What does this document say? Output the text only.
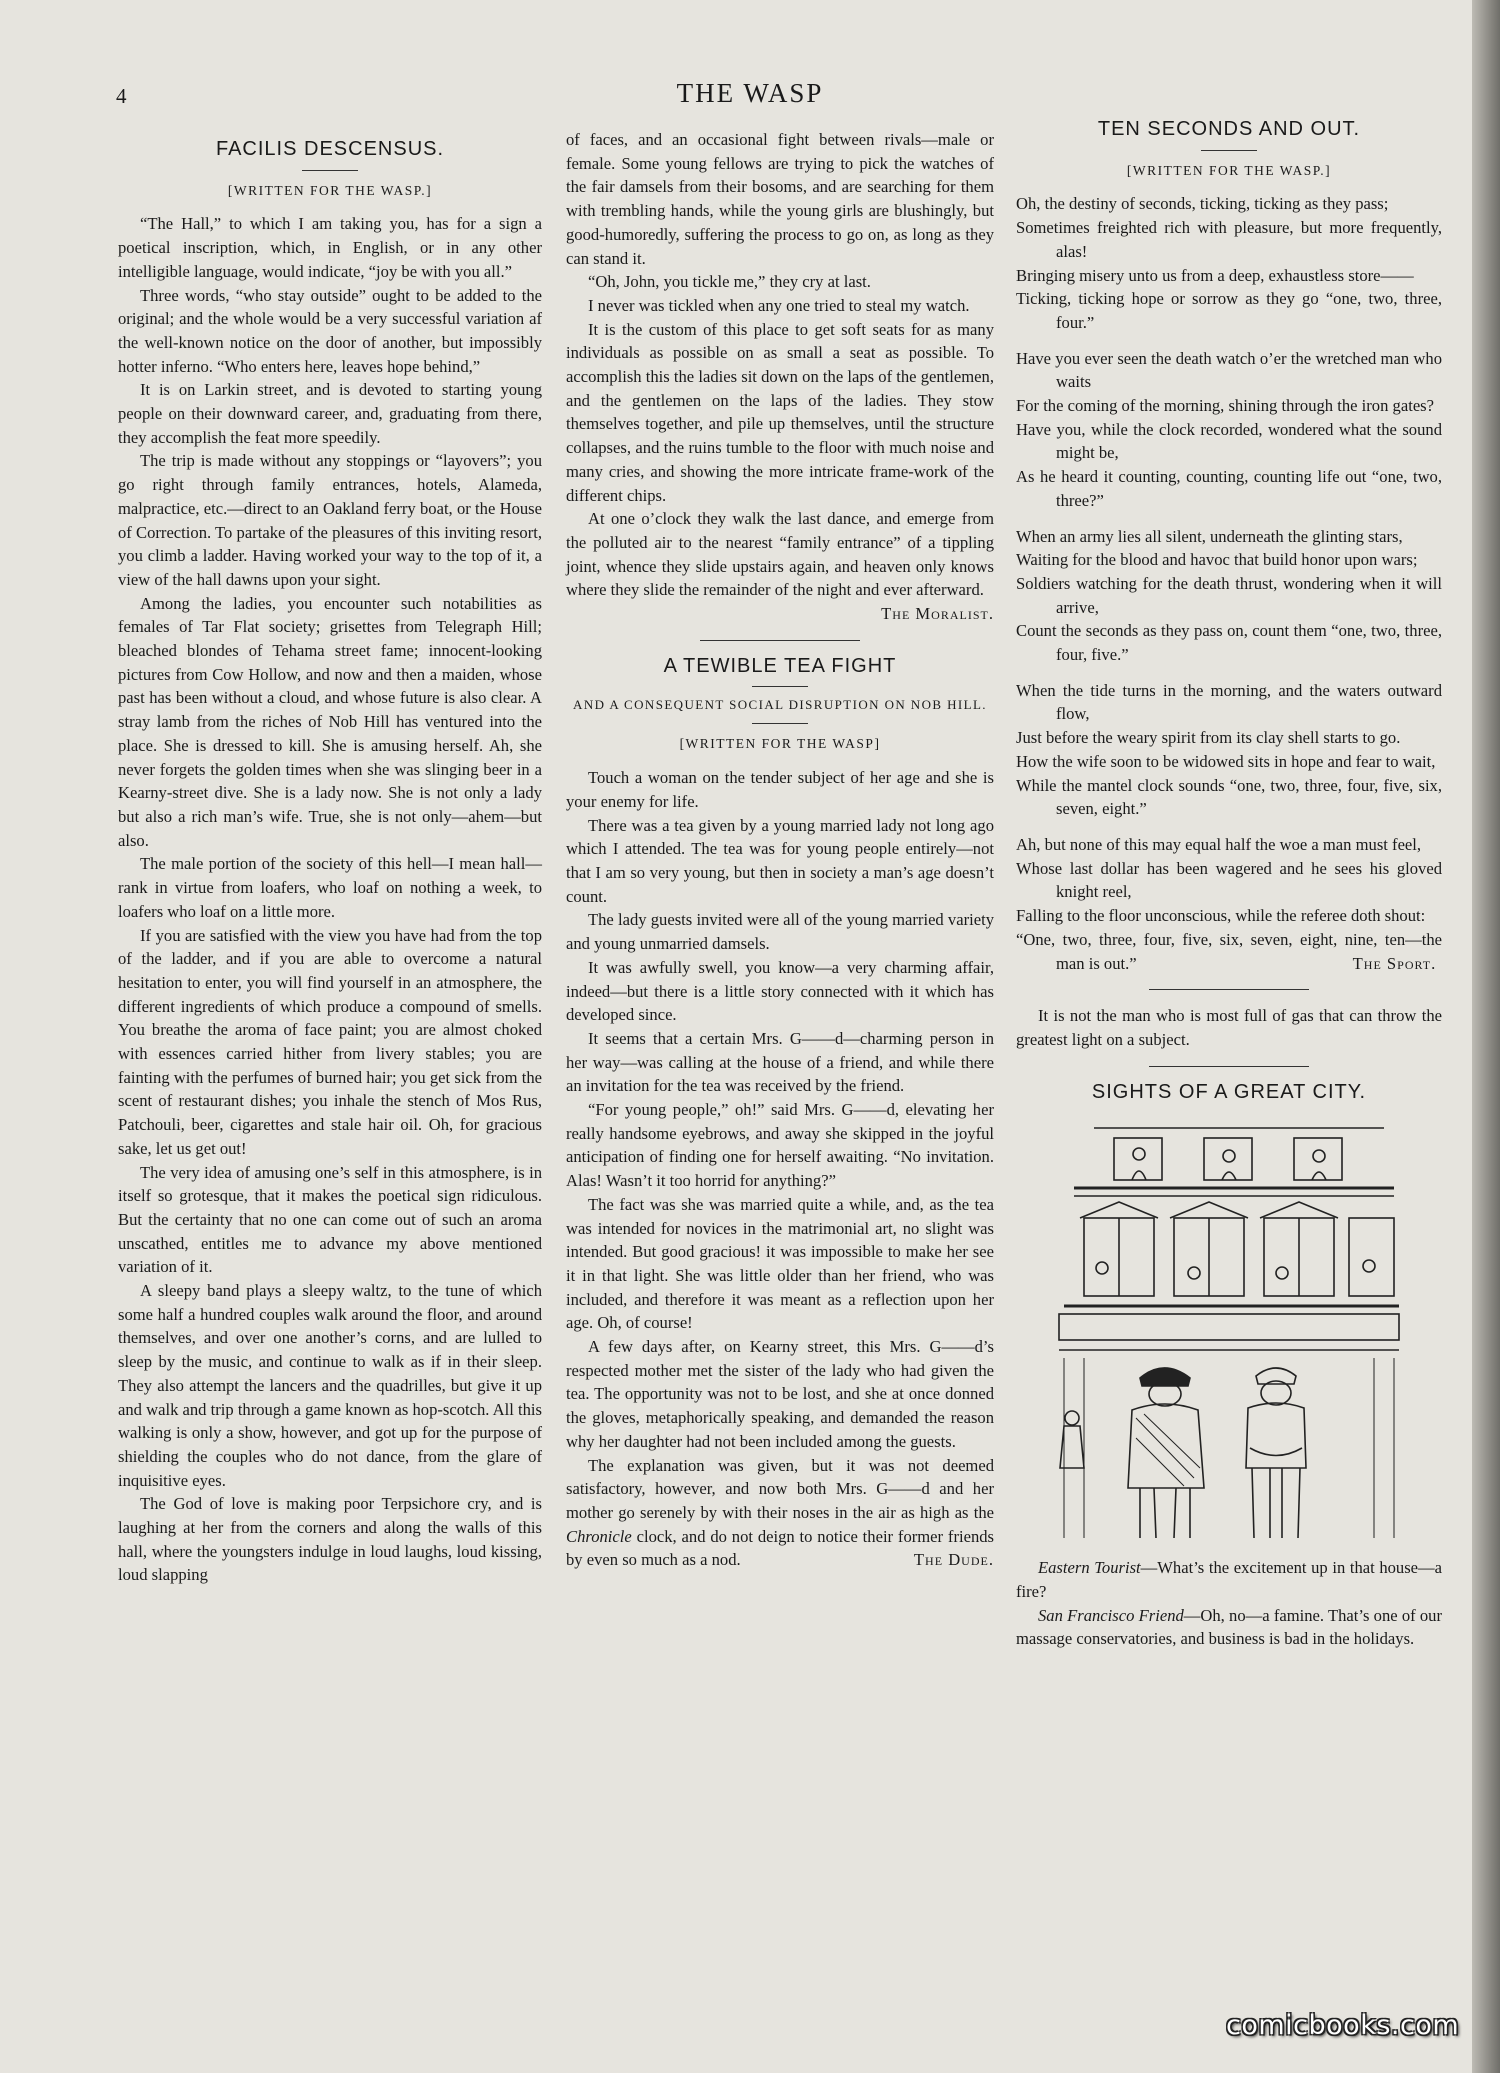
4	THE WASP
FACILIS DESCENSUS.
[WRITTEN FOR THE WASP.]

“The Hall,” to which I am taking you, has for a sign a poetical inscription, which, in English, or in any other intelligible language, would indicate, “joy be with you all.”

Three words, “who stay outside” ought to be added to the original; and the whole would be a very successful variation af the well-known notice on the door of another, but impossibly hotter inferno. “Who enters here, leaves hope behind,”

It is on Larkin street, and is devoted to starting young people on their downward career, and, graduating from there, they accomplish the feat more speedily.

The trip is made without any stoppings or “layovers”; you go right through family entrances, hotels, Alameda, malpractice, etc.—direct to an Oakland ferry boat, or the House of Correction. To partake of the pleasures of this inviting resort, you climb a ladder. Having worked your way to the top of it, a view of the hall dawns upon your sight.

Among the ladies, you encounter such notabilities as females of Tar Flat society; grisettes from Telegraph Hill; bleached blondes of Tehama street fame; innocent-looking pictures from Cow Hollow, and now and then a maiden, whose past has been without a cloud, and whose future is also clear. A stray lamb from the riches of Nob Hill has ventured into the place. She is dressed to kill. She is amusing herself. Ah, she never forgets the golden times when she was slinging beer in a Kearny-street dive. She is a lady now. She is not only a lady but also a rich man’s wife. True, she is not only—ahem—but also.

The male portion of the society of this hell—I mean hall—rank in virtue from loafers, who loaf on nothing a week, to loafers who loaf on a little more.

If you are satisfied with the view you have had from the top of the ladder, and if you are able to overcome a natural hesitation to enter, you will find yourself in an atmosphere, the different ingredients of which produce a compound of smells. You breathe the aroma of face paint; you are almost choked with essences carried hither from livery stables; you are fainting with the perfumes of burned hair; you get sick from the scent of restaurant dishes; you inhale the stench of Mos Rus, Patchouli, beer, cigarettes and stale hair oil. Oh, for gracious sake, let us get out!

The very idea of amusing one’s self in this atmosphere, is in itself so grotesque, that it makes the poetical sign ridiculous. But the certainty that no one can come out of such an aroma unscathed, entitles me to advance my above mentioned variation of it.

A sleepy band plays a sleepy waltz, to the tune of which some half a hundred couples walk around the floor, and around themselves, and over one another’s corns, and are lulled to sleep by the music, and continue to walk as if in their sleep. They also attempt the lancers and the quadrilles, but give it up and walk and trip through a game known as hop-scotch. All this walking is only a show, however, and got up for the purpose of shielding the couples who do not dance, from the glare of inquisitive eyes.

The God of love is making poor Terpsichore cry, and is laughing at her from the corners and along the walls of this hall, where the youngsters indulge in loud laughs, loud kissing, loud slapping

of faces, and an occasional fight between rivals—male or female. Some young fellows are trying to pick the watches of the fair damsels from their bosoms, and are searching for them with trembling hands, while the young girls are blushingly, but good-humoredly, suffering the process to go on, as long as they can stand it.

“Oh, John, you tickle me,” they cry at last.

I never was tickled when any one tried to steal my watch.

It is the custom of this place to get soft seats for as many individuals as possible on as small a seat as possible. To accomplish this the ladies sit down on the laps of the gentlemen, and the gentlemen on the laps of the ladies. They stow themselves together, and pile up themselves, until the structure collapses, and the ruins tumble to the floor with much noise and many cries, and showing the more intricate frame-work of the different chips.

At one o’clock they walk the last dance, and emerge from the polluted air to the nearest “family entrance” of a tippling joint, whence they slide upstairs again, and heaven only knows where they slide the remainder of the night and ever afterward.
The Moralist.

A TEWIBLE TEA FIGHT
AND A CONSEQUENT SOCIAL DISRUPTION ON NOB HILL.
[WRITTEN FOR THE WASP]

Touch a woman on the tender subject of her age and she is your enemy for life.

There was a tea given by a young married lady not long ago which I attended. The tea was for young people entirely—not that I am so very young, but then in society a man’s age doesn’t count.

The lady guests invited were all of the young married variety and young unmarried damsels.

It was awfully swell, you know—a very charming affair, indeed—but there is a little story connected with it which has developed since.

It seems that a certain Mrs. G——d—charming person in her way—was calling at the house of a friend, and while there an invitation for the tea was received by the friend.

“For young people,” oh!” said Mrs. G——d, elevating her really handsome eyebrows, and away she skipped in the joyful anticipation of finding one for herself awaiting. “No invitation. Alas! Wasn’t it too horrid for anything?”

The fact was she was married quite a while, and, as the tea was intended for novices in the matrimonial art, no slight was intended. But good gracious! it was impossible to make her see it in that light. She was little older than her friend, who was included, and therefore it was meant as a reflection upon her age. Oh, of course!

A few days after, on Kearny street, this Mrs. G——d’s respected mother met the sister of the lady who had given the tea. The opportunity was not to be lost, and she at once donned the gloves, metaphorically speaking, and demanded the reason why her daughter had not been included among the guests.

The explanation was given, but it was not deemed satisfactory, however, and now both Mrs. G——d and her mother go serenely by with their noses in the air as high as the Chronicle clock, and do not deign to notice their former friends by even so much as a nod.	The Dude.

TEN SECONDS AND OUT.
[WRITTEN FOR THE WASP.]
Oh, the destiny of seconds, ticking, ticking as they pass;
Sometimes freighted rich with pleasure, but more frequently, alas!
Bringing misery unto us from a deep, exhaustless store——
Ticking, ticking hope or sorrow as they go “one, two, three, four.”
Have you ever seen the death watch o’er the wretched man who waits
For the coming of the morning, shining through the iron gates?
Have you, while the clock recorded, wondered what the sound might be,
As he heard it counting, counting, counting life out “one, two, three?”
When an army lies all silent, underneath the glinting stars,
Waiting for the blood and havoc that build honor upon wars;
Soldiers watching for the death thrust, wondering when it will arrive,
Count the seconds as they pass on, count them “one, two, three, four, five.”
When the tide turns in the morning, and the waters outward flow,
Just before the weary spirit from its clay shell starts to go.
How the wife soon to be widowed sits in hope and fear to wait,
While the mantel clock sounds “one, two, three, four, five, six, seven, eight.”
Ah, but none of this may equal half the woe a man must feel,
Whose last dollar has been wagered and he sees his gloved knight reel,
Falling to the floor unconscious, while the referee doth shout:
“One, two, three, four, five, six, seven, eight, nine, ten—the man is out.”	The Sport.

It is not the man who is most full of gas that can throw the greatest light on a subject.

SIGHTS OF A GREAT CITY.

Eastern Tourist—What’s the excitement up in that house—a fire?

San Francisco Friend—Oh, no—a famine. That’s one of our massage conservatories, and business is bad in the holidays.

comicbooks.com
